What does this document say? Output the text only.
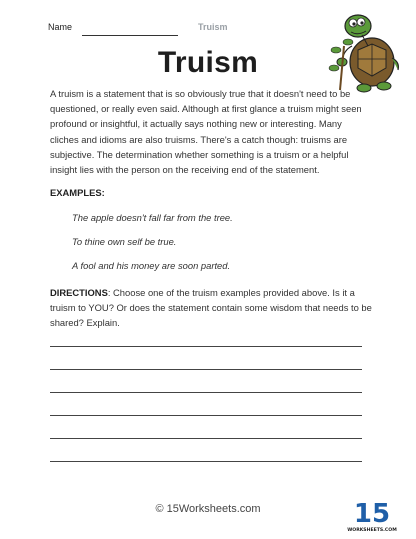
Name	Truism
Truism
A truism is a statement that is so obviously true that it doesn't need to be questioned, or really even said. Although at first glance a truism might seen profound or insightful, it actually says nothing new or interesting. Many cliches and idioms are also truisms. There's a catch though: truisms are subjective. The determination whether something is a truism or a helpful insight lies with the person on the receiving end of the statement.
EXAMPLES:
The apple doesn't fall far from the tree.
To thine own self be true.
A fool and his money are soon parted.
DIRECTIONS: Choose one of the truism examples provided above. Is it a truism to YOU? Or does the statement contain some wisdom that needs to be shared? Explain.
© 15Worksheets.com	15
WORKSHEETS.COM
